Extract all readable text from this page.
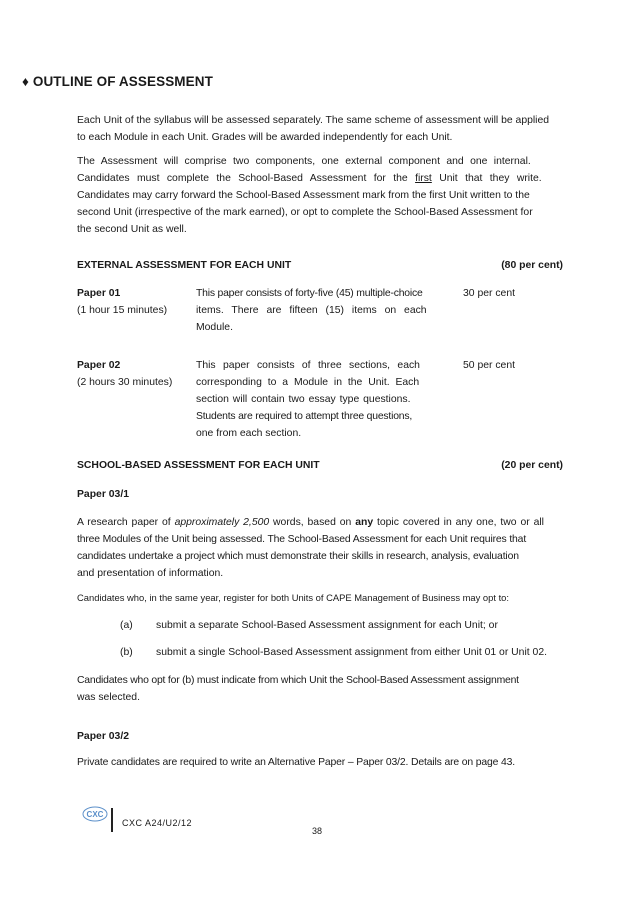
♦ OUTLINE OF ASSESSMENT
Each Unit of the syllabus will be assessed separately. The same scheme of assessment will be applied
to each Module in each Unit. Grades will be awarded independently for each Unit.
The Assessment will comprise two components, one external component and one internal.
Candidates must complete the School-Based Assessment for the first Unit that they write.
Candidates may carry forward the School-Based Assessment mark from the first Unit written to the
second Unit (irrespective of the mark earned), or opt to complete the School-Based Assessment for
the second Unit as well.
EXTERNAL ASSESSMENT FOR EACH UNIT	(80 per cent)
Paper 01
(1 hour 15 minutes)
This paper consists of forty-five (45) multiple-choice
items. There are fifteen (15) items on each
Module.
30 per cent
Paper 02
(2 hours 30 minutes)
This paper consists of three sections, each
corresponding to a Module in the Unit. Each
section will contain two essay type questions.
Students are required to attempt three questions,
one from each section.
50 per cent
SCHOOL-BASED ASSESSMENT FOR EACH UNIT	(20 per cent)
Paper 03/1
A research paper of approximately 2,500 words, based on any topic covered in any one, two or all
three Modules of the Unit being assessed. The School-Based Assessment for each Unit requires that
candidates undertake a project which must demonstrate their skills in research, analysis, evaluation
and presentation of information.
Candidates who, in the same year, register for both Units of CAPE Management of Business may opt to:
(a) submit a separate School-Based Assessment assignment for each Unit; or
(b) submit a single School-Based Assessment assignment from either Unit 01 or Unit 02.
Candidates who opt for (b) must indicate from which Unit the School-Based Assessment assignment
was selected.
Paper 03/2
Private candidates are required to write an Alternative Paper – Paper 03/2. Details are on page 43.
CXC
CXC A24/U2/12
38
